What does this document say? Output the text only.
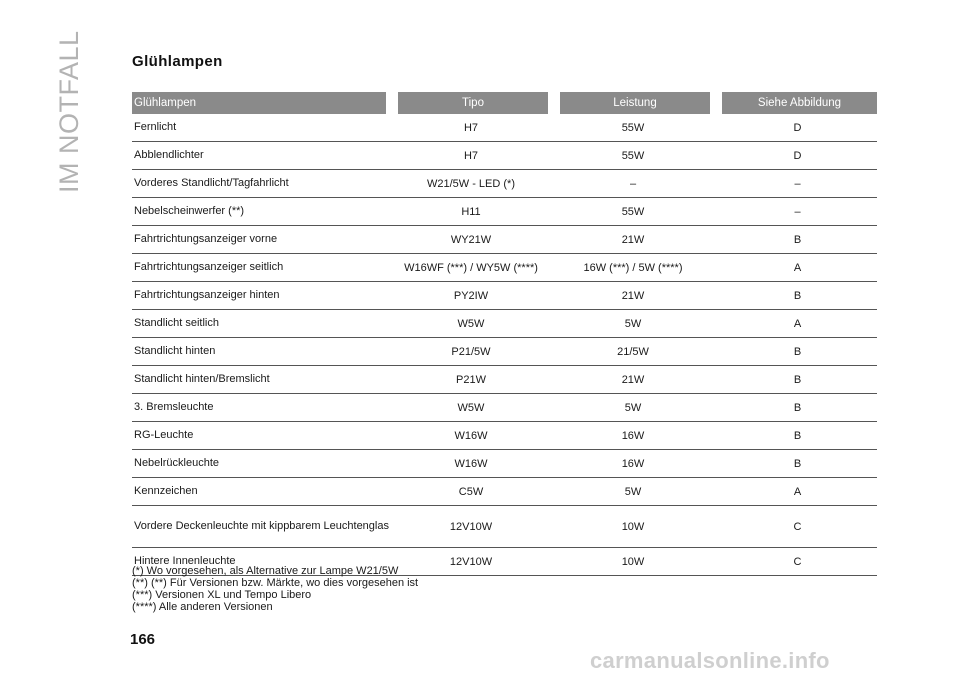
IM NOTFALL	Glühlampen
Glühlampen	Tipo	Leistung	Siehe Abbildung
Fernlicht	H7	55W	D
Abblendlichter	H7	55W	D
Vorderes Standlicht/Tagfahrlicht	W21/5W - LED (*)	–	–
Nebelscheinwerfer (**)	H11	55W	–
Fahrtrichtungsanzeiger vorne	WY21W	21W	B
Fahrtrichtungsanzeiger seitlich	W16WF (***) / WY5W (****)	16W (***) / 5W (****)	A
Fahrtrichtungsanzeiger hinten	PY2IW	21W	B
Standlicht seitlich	W5W	5W	A
Standlicht hinten	P21/5W	21/5W	B
Standlicht hinten/Bremslicht	P21W	21W	B
3. Bremsleuchte	W5W	5W	B
RG-Leuchte	W16W	16W	B
Nebelrückleuchte	W16W	16W	B
Kennzeichen	C5W	5W	A
Vordere Deckenleuchte mit kippbarem Leuchtenglas	12V10W	10W	C
Hintere Innenleuchte	12V10W	10W	C
(*) Wo vorgesehen, als Alternative zur Lampe W21/5W
(**) (**) Für Versionen bzw. Märkte, wo dies vorgesehen ist
(***) Versionen XL und Tempo Libero
(****) Alle anderen Versionen
166
carmanualsonline.info
